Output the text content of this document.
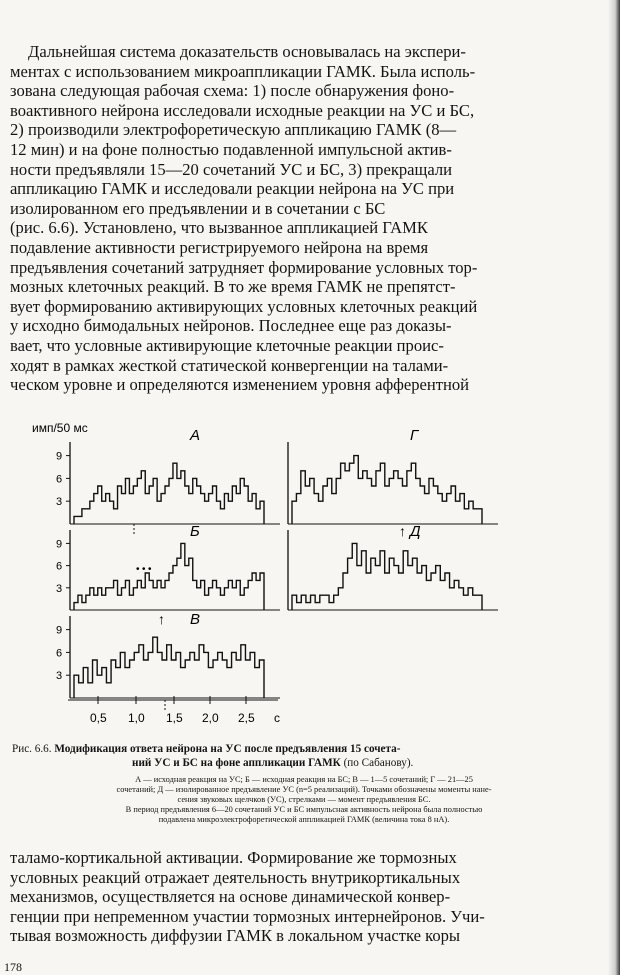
Дальнейшая система доказательств основывалась на экспери-
ментах с использованием микроаппликации ГАМК. Была исполь-
зована следующая рабочая схема: 1) после обнаружения фоно-
воактивного нейрона исследовали исходные реакции на УС и БС,
2) производили электрофоретическую аппликацию ГАМК (8—
12 мин) и на фоне полностью подавленной импульсной актив-
ности предъявляли 15—20 сочетаний УС и БС, 3) прекращали
аппликацию ГАМК и исследовали реакции нейрона на УС при
изолированном его предъявлении и в сочетании с БС
(рис. 6.6). Установлено, что вызванное аппликацией ГАМК
подавление активности регистрируемого нейрона на время
предъявления сочетаний затрудняет формирование условных тор-
мозных клеточных реакций. В то же время ГАМК не препятст-
вует формированию активирующих условных клеточных реакций
у исходно бимодальных нейронов. Последнее еще раз доказы-
вает, что условные активирующие клеточные реакции проис-
ходят в рамках жесткой статической конвергенции на талами-
ческом уровне и определяются изменением уровня афферентной
имп/50 мс
3
6
9
А	Г
3
6
9
Б	Д
3
6
9
В
• • •
↑
↑
0,5 1,0 1,5 2,0 2,5 c

Рис. 6.6. Модификация ответа нейрона на УС после предъявления 15 сочета-
ний УС и БС на фоне аппликации ГАМК (по Сабанову).

А — исходная реакция на УС; Б — исходная реакция на БС; В — 1—5 сочетаний; Г — 21—25
сочетаний; Д — изолированное предъявление УС (n=5 реализаций). Точками обозначены моменты нане-
сения звуковых щелчков (УС), стрелками — момент предъявления БС.
В период предъявления 6—20 сочетаний УС и БС импульсная активность нейрона была полностью
подавлена микроэлектрофоретической аппликацией ГАМК (величина тока 8 нА).

таламо-кортикальной активации. Формирование же тормозных
условных реакций отражает деятельность внутрикортикальных
механизмов, осуществляется на основе динамической конвер-
генции при непременном участии тормозных интернейронов. Учи-
тывая возможность диффузии ГАМК в локальном участке коры

178
